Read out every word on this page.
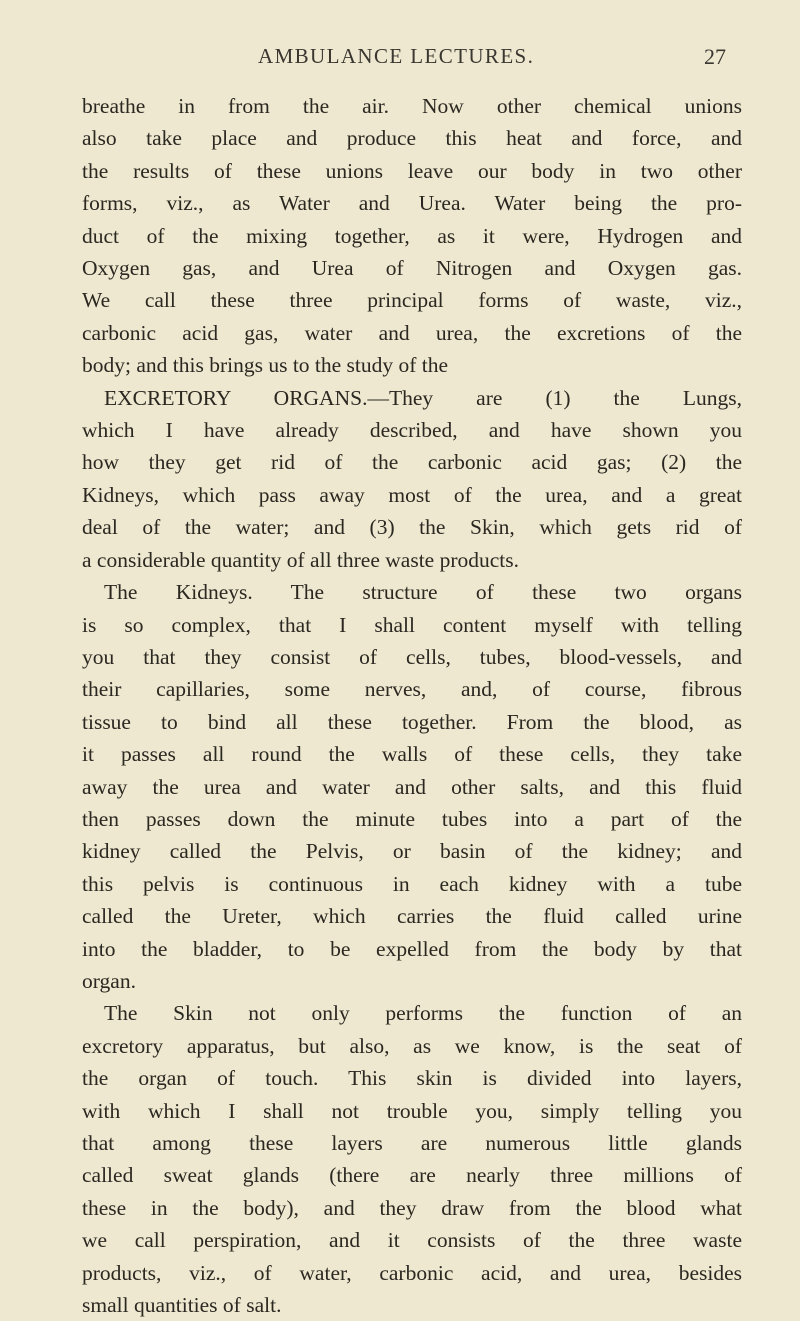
AMBULANCE LECTURES.	27
breathe in from the air. Now other chemical unions
also take place and produce this heat and force, and
the results of these unions leave our body in two other
forms, viz., as Water and Urea. Water being the pro-
duct of the mixing together, as it were, Hydrogen and
Oxygen gas, and Urea of Nitrogen and Oxygen gas.
We call these three principal forms of waste, viz.,
carbonic acid gas, water and urea, the excretions of the
body; and this brings us to the study of the
EXCRETORY ORGANS.—They are (1) the Lungs,
which I have already described, and have shown you
how they get rid of the carbonic acid gas; (2) the
Kidneys, which pass away most of the urea, and a great
deal of the water; and (3) the Skin, which gets rid of
a considerable quantity of all three waste products.
The Kidneys. The structure of these two organs
is so complex, that I shall content myself with telling
you that they consist of cells, tubes, blood-vessels, and
their capillaries, some nerves, and, of course, fibrous
tissue to bind all these together. From the blood, as
it passes all round the walls of these cells, they take
away the urea and water and other salts, and this fluid
then passes down the minute tubes into a part of the
kidney called the Pelvis, or basin of the kidney; and
this pelvis is continuous in each kidney with a tube
called the Ureter, which carries the fluid called urine
into the bladder, to be expelled from the body by that
organ.
The Skin not only performs the function of an
excretory apparatus, but also, as we know, is the seat of
the organ of touch. This skin is divided into layers,
with which I shall not trouble you, simply telling you
that among these layers are numerous little glands
called sweat glands (there are nearly three millions of
these in the body), and they draw from the blood what
we call perspiration, and it consists of the three waste
products, viz., of water, carbonic acid, and urea, besides
small quantities of salt.
